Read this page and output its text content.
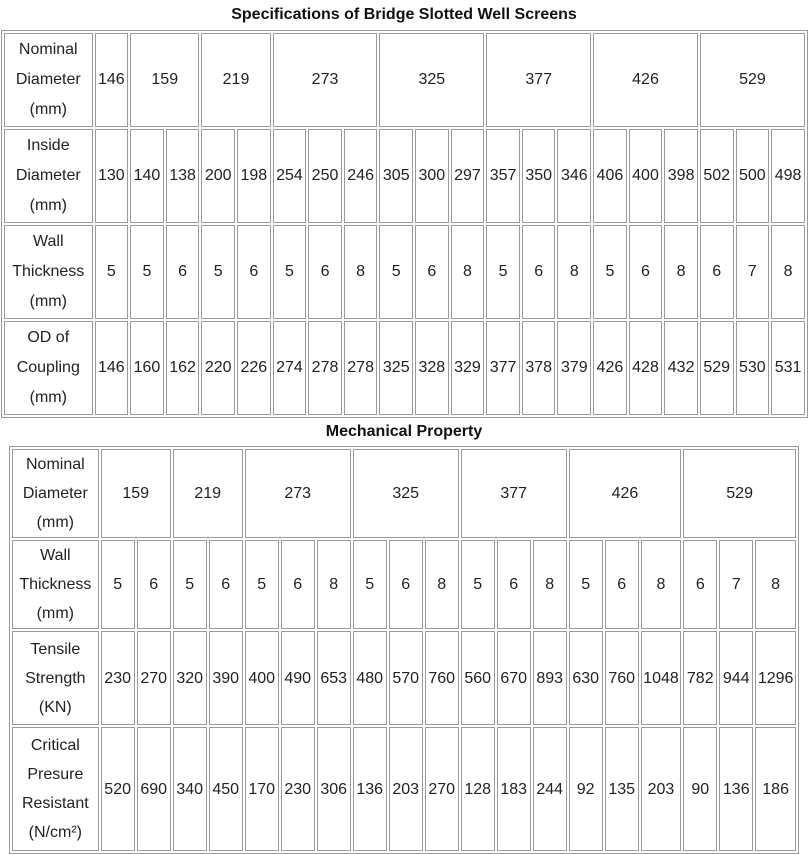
Specifications of Bridge Slotted Well Screens
Nominal
Diameter
(mm)	146	159		219		273			325			377			426			529		

Inside
Diameter
(mm)	130	140	138	200	198	254	250	246	305	300	297	357	350	346	406	400	398	502	500	498

Wall
Thickness
(mm)	5	5	6	5	6	5	6	8	5	6	8	5	6	8	5	6	8	6	7	8

OD of
Coupling
(mm)	146	160	162	220	226	274	278	278	325	328	329	377	378	379	426	428	432	529	530	531
Mechanical Property
Nominal
Diameter
(mm)	159		219		273			325			377			426			529		

Wall
Thickness
(mm)	5	6	5	6	5	6	8	5	6	8	5	6	8	5	6	8	6	7	8

Tensile
Strength
(KN)	230	270	320	390	400	490	653	480	570	760	560	670	893	630	760	1048	782	944	1296

Critical
Presure
Resistant
(N/cm²)	520	690	340	450	170	230	306	136	203	270	128	183	244	92	135	203	90	136	186
